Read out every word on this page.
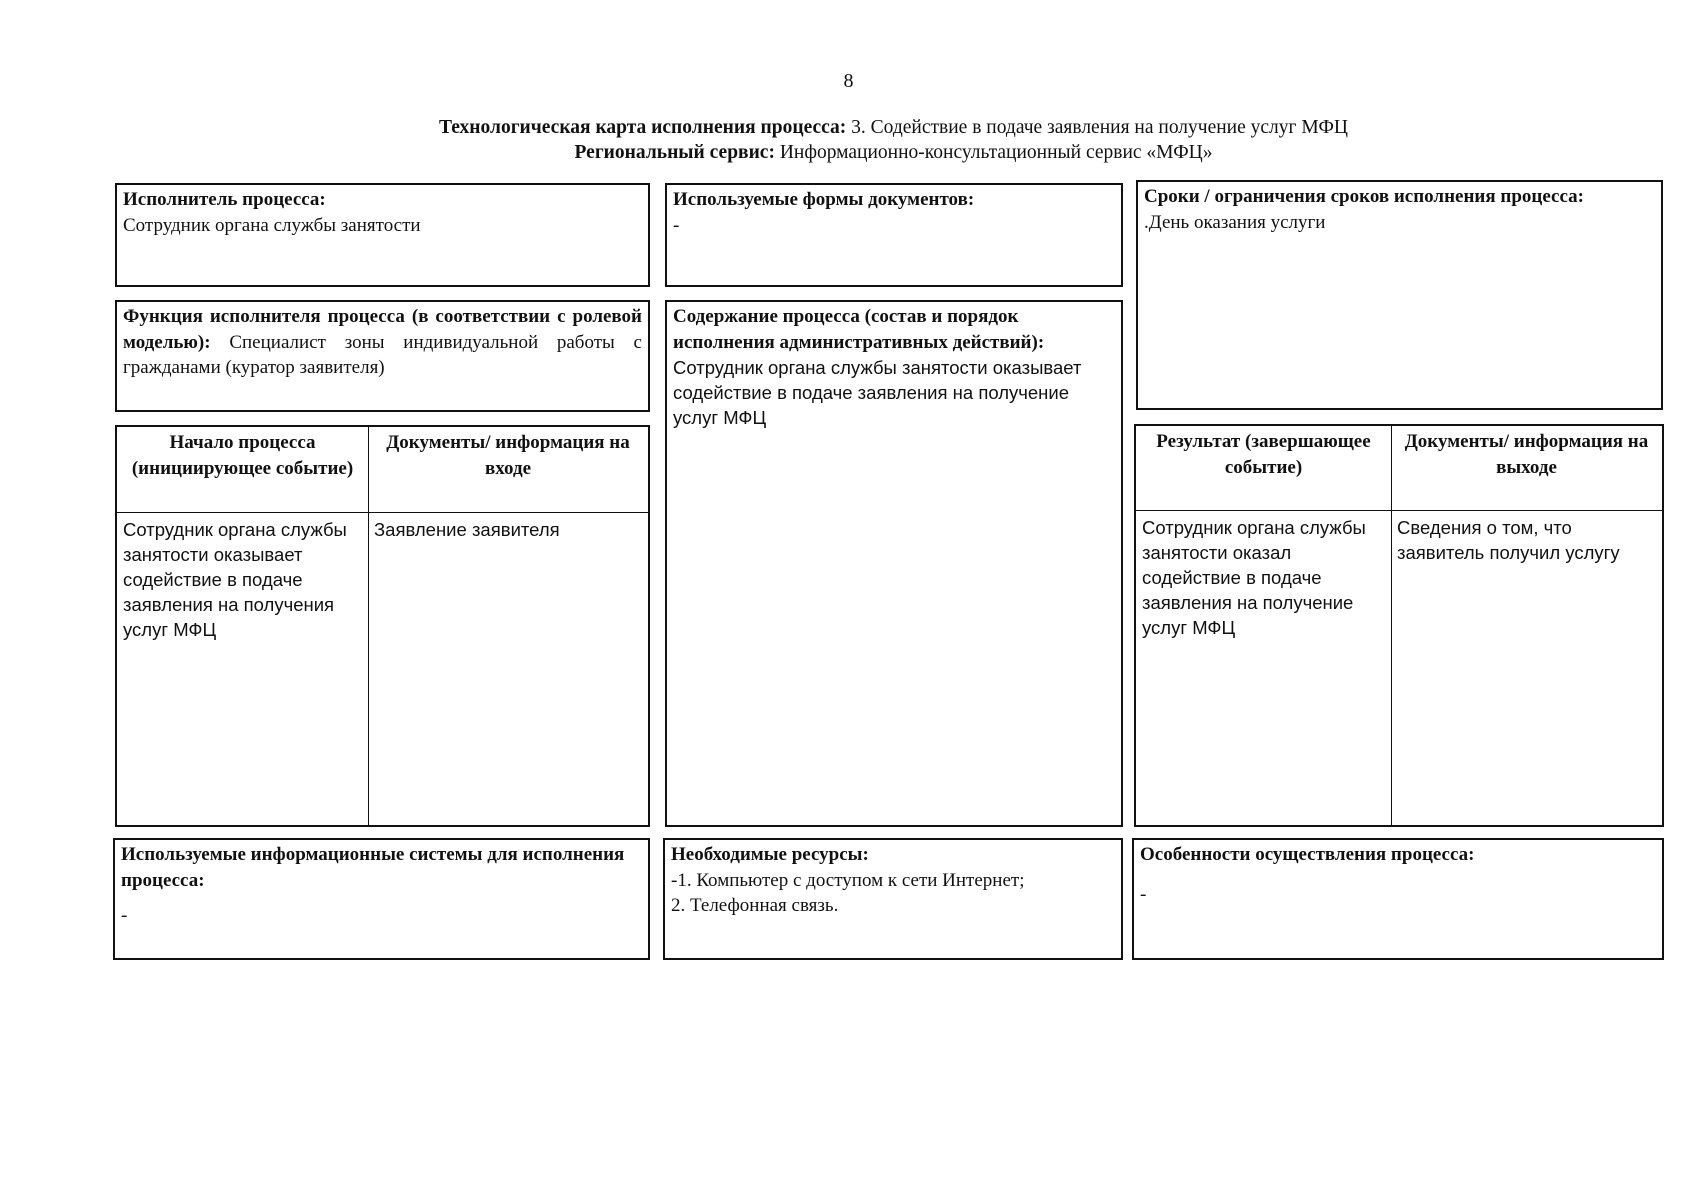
8
Технологическая карта исполнения процесса: 3. Содействие в подаче заявления на получение услуг МФЦ
Региональный сервис: Информационно-консультационный сервис «МФЦ»
Исполнитель процесса:
Сотрудник органа службы занятости
Используемые формы документов:
-
Сроки / ограничения сроков исполнения процесса:
.День оказания услуги
Функция исполнителя процесса (в соответствии с ролевой моделью): Специалист зоны индивидуальной работы с гражданами (куратор заявителя)
Содержание процесса (состав и порядок исполнения административных действий):
Сотрудник органа службы занятости оказывает содействие в подаче заявления на получение услуг МФЦ
Начало процесса (инициирующее событие)
Документы/ информация на входе
Сотрудник органа службы занятости оказывает содействие в подаче заявления на получения услуг МФЦ
Заявление заявителя
Результат (завершающее событие)
Документы/ информация на выходе
Сотрудник органа службы занятости оказал содействие в подаче заявления на получение услуг МФЦ
Сведения о том, что заявитель получил услугу
Используемые информационные системы для исполнения процесса:
-
Необходимые ресурсы:
-1. Компьютер с доступом к сети Интернет;
2. Телефонная связь.
Особенности осуществления процесса:
-
